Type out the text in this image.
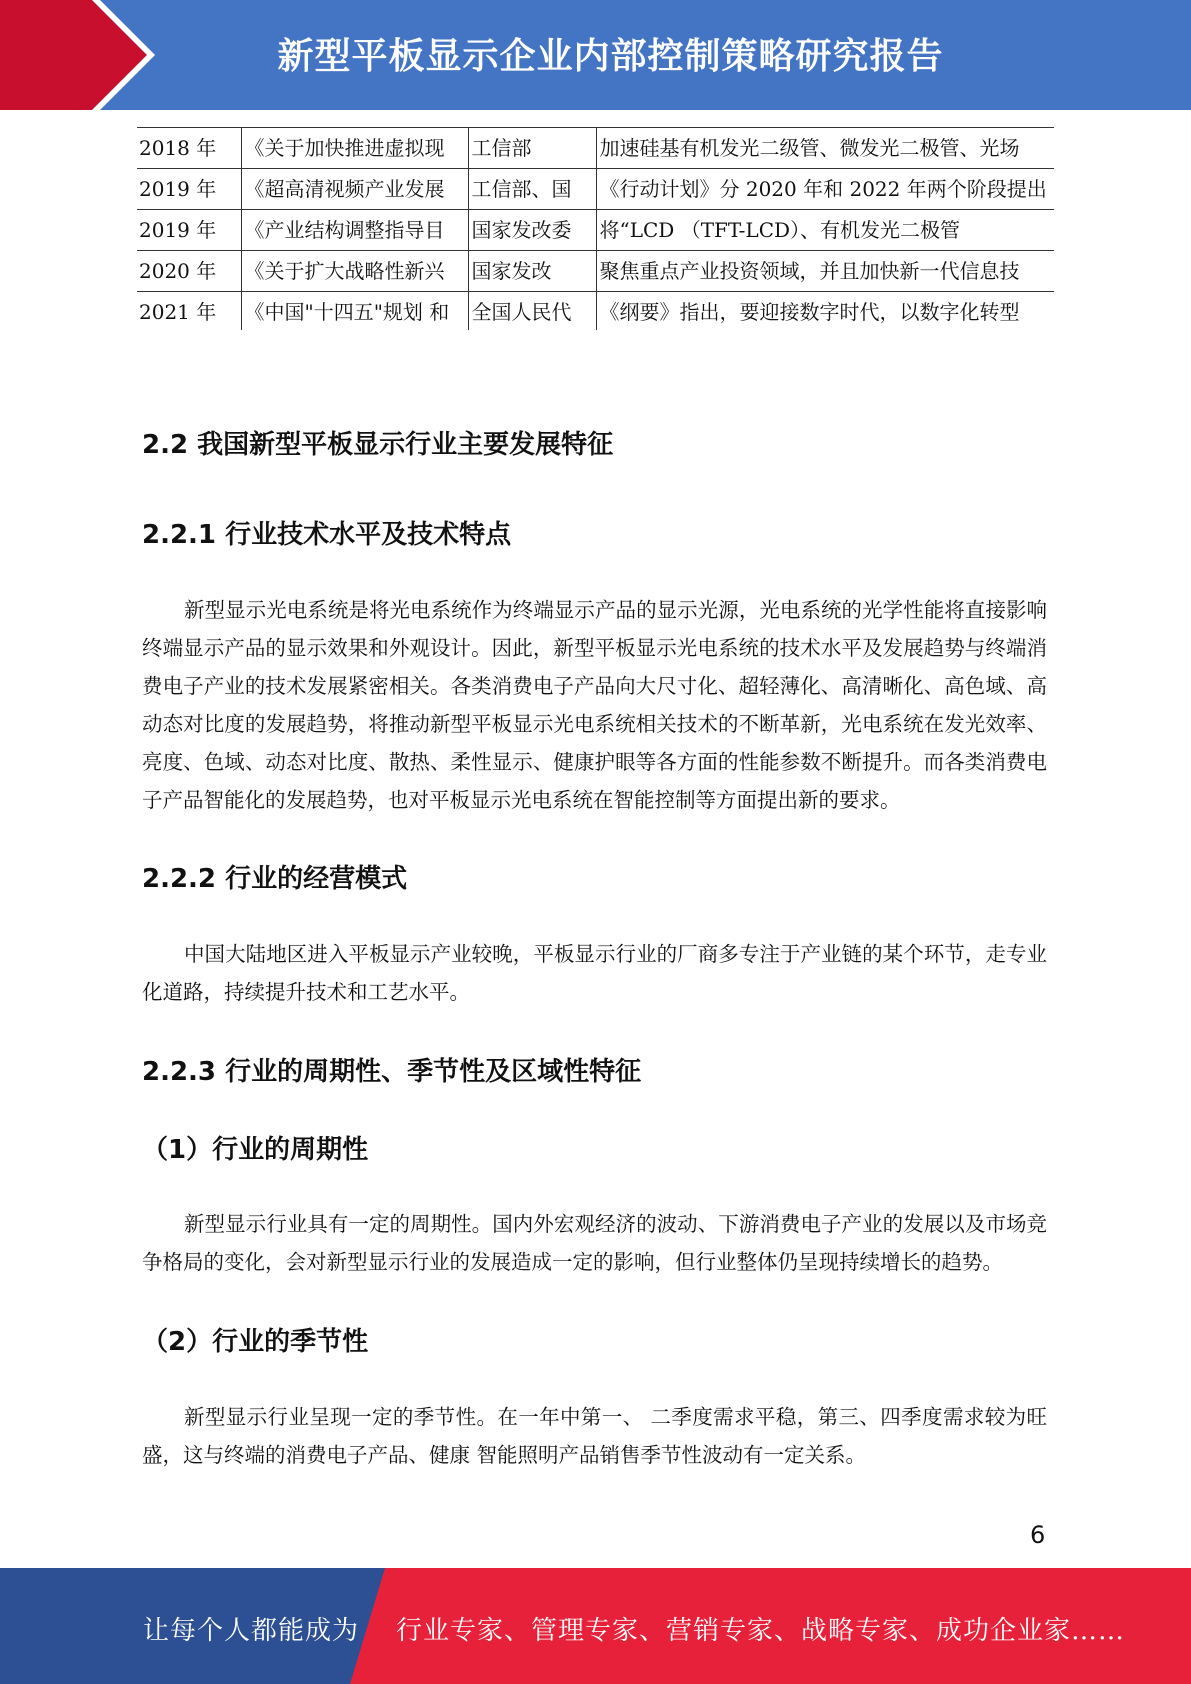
新型平板显示企业内部控制策略研究报告
2018 年	《关于加快推进虚拟现	工信部	加速硅基有机发光二级管、微发光二极管、光场
2019 年	《超高清视频产业发展	工信部、国	《行动计划》分 2020 年和 2022 年两个阶段提出
2019 年	《产业结构调整指导目	国家发改委	将“LCD （TFT-LCD）、有机发光二极管
2020 年	《关于扩大战略性新兴	国家发改	聚焦重点产业投资领域，并且加快新一代信息技
2021 年	《中国"十四五"规划 和	全国人民代	《纲要》指出，要迎接数字时代，以数字化转型
2.2 我国新型平板显示行业主要发展特征
2.2.1 行业技术水平及技术特点

新型显示光电系统是将光电系统作为终端显示产品的显示光源，光电系统的光学性能将直接影响终端显示产品的显示效果和外观设计。因此，新型平板显示光电系统的技术水平及发展趋势与终端消费电子产业的技术发展紧密相关。各类消费电子产品向大尺寸化、超轻薄化、高清晰化、高色域、高动态对比度的发展趋势，将推动新型平板显示光电系统相关技术的不断革新，光电系统在发光效率、亮度、色域、动态对比度、散热、柔性显示、健康护眼等各方面的性能参数不断提升。而各类消费电子产品智能化的发展趋势，也对平板显示光电系统在智能控制等方面提出新的要求。

2.2.2 行业的经营模式

中国大陆地区进入平板显示产业较晚，平板显示行业的厂商多专注于产业链的某个环节，走专业化道路，持续提升技术和工艺水平。

2.2.3 行业的周期性、季节性及区域性特征
（1）行业的周期性

新型显示行业具有一定的周期性。国内外宏观经济的波动、下游消费电子产业的发展以及市场竞争格局的变化，会对新型显示行业的发展造成一定的影响，但行业整体仍呈现持续增长的趋势。

（2）行业的季节性

新型显示行业呈现一定的季节性。在一年中第一、 二季度需求平稳，第三、四季度需求较为旺盛，这与终端的消费电子产品、健康 智能照明产品销售季节性波动有一定关系。

6
让每个人都能成为 行业专家、管理专家、营销专家、战略专家、成功企业家……
